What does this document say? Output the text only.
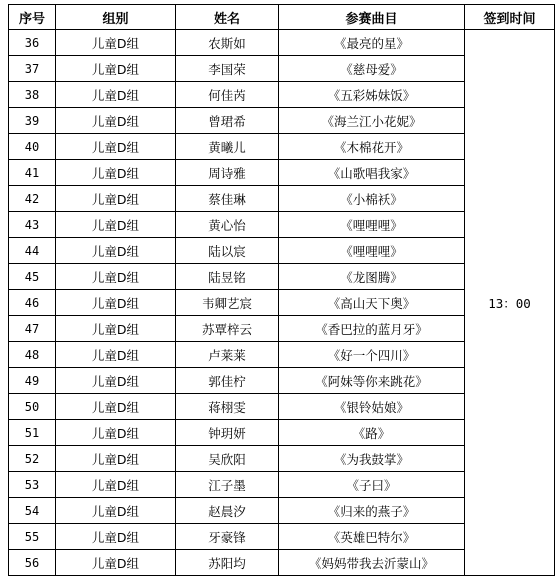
序号	组别	姓名	参赛曲目	签到时间
36	儿童D组	农斯如	《最亮的星》	13：00
37	儿童D组	李国荣	《慈母爱》	
38	儿童D组	何佳芮	《五彩姊妹饭》	
39	儿童D组	曾珺希	《海兰江小花妮》	
40	儿童D组	黄曦儿	《木棉花开》	
41	儿童D组	周诗雅	《山歌唱我家》	
42	儿童D组	蔡佳琳	《小棉袄》	
43	儿童D组	黄心怡	《哩哩哩》	
44	儿童D组	陆以宸	《哩哩哩》	
45	儿童D组	陆昱铭	《龙图腾》	
46	儿童D组	韦卿艺宸	《高山天下奥》	
47	儿童D组	苏覃梓云	《香巴拉的蓝月牙》	
48	儿童D组	卢莱莱	《好一个四川》	
49	儿童D组	郭佳柠	《阿妹等你来跳花》	
50	儿童D组	蒋栩雯	《银铃姑娘》	
51	儿童D组	钟玥妍	《路》	
52	儿童D组	吴欣阳	《为我鼓掌》	
53	儿童D组	江子墨	《子曰》	
54	儿童D组	赵晨汐	《归来的燕子》	
55	儿童D组	牙豪锋	《英雄巴特尔》	
56	儿童D组	苏阳均	《妈妈带我去沂蒙山》	
